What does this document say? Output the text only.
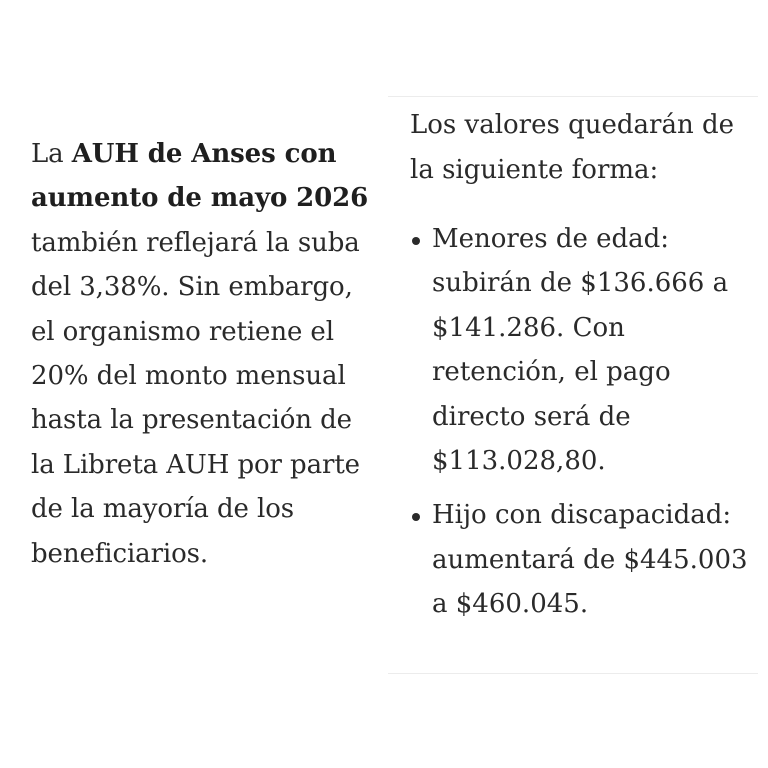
La AUH de Anses con aumento de mayo 2026 también reflejará la suba del 3,38%. Sin embargo, el organismo retiene el 20% del monto mensual hasta la presentación de la Libreta AUH por parte de la mayoría de los beneficiarios.

Los valores quedarán de la siguiente forma:

Menores de edad: subirán de $136.666 a $141.286. Con retención, el pago directo será de $113.028,80.
Hijo con discapacidad: aumentará de $445.003 a $460.045.
